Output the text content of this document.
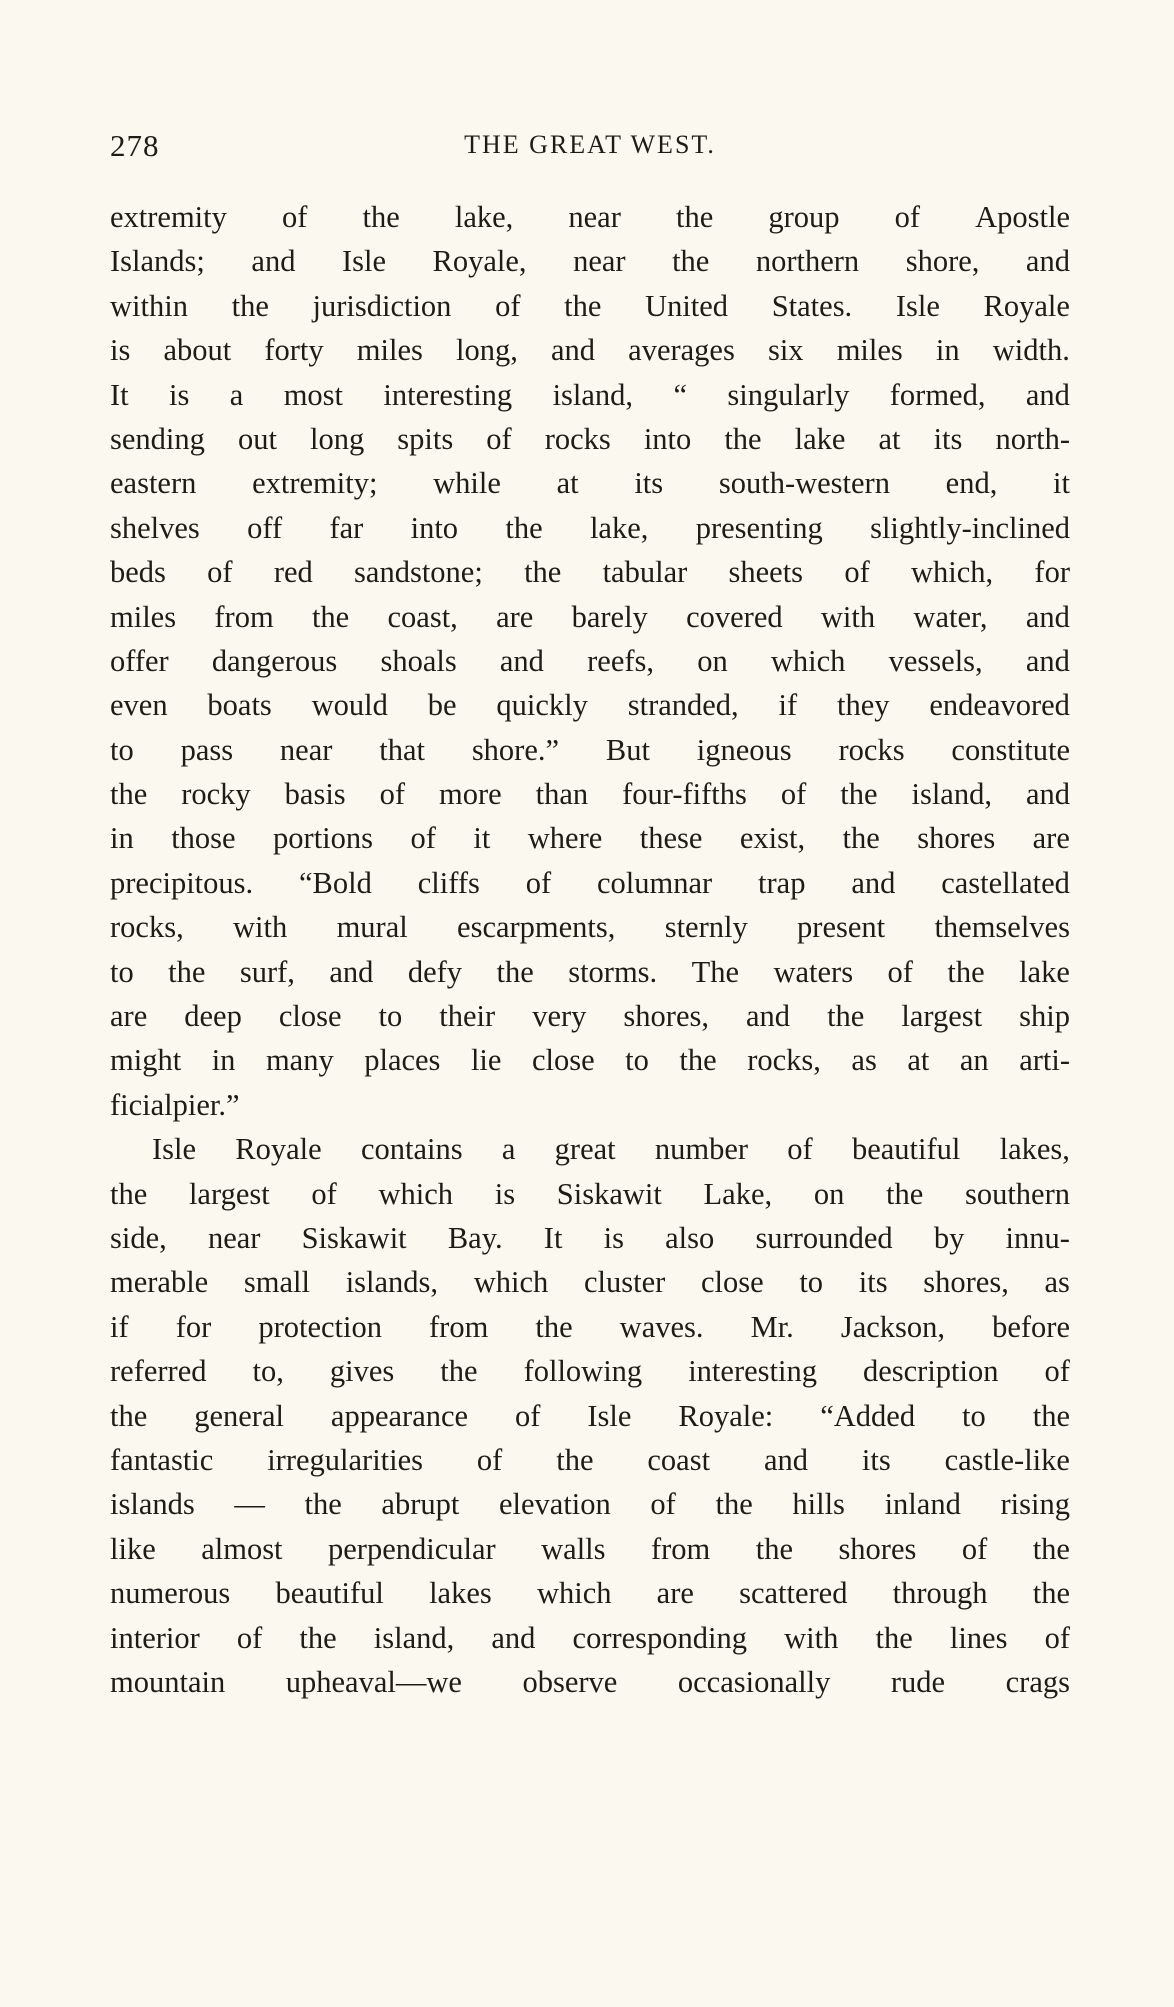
278	THE GREAT WEST.
extremity of the lake, near the group of Apostle
Islands; and Isle Royale, near the northern shore, and
within the jurisdiction of the United States. Isle Royale
is about forty miles long, and averages six miles in width.
It is a most interesting island, “ singularly formed, and
sending out long spits of rocks into the lake at its north-
eastern extremity; while at its south-western end, it
shelves off far into the lake, presenting slightly-inclined
beds of red sandstone; the tabular sheets of which, for
miles from the coast, are barely covered with water, and
offer dangerous shoals and reefs, on which vessels, and
even boats would be quickly stranded, if they endeavored
to pass near that shore.” But igneous rocks constitute
the rocky basis of more than four-fifths of the island, and
in those portions of it where these exist, the shores are
precipitous. “Bold cliffs of columnar trap and castellated
rocks, with mural escarpments, sternly present themselves
to the surf, and defy the storms. The waters of the lake
are deep close to their very shores, and the largest ship
might in many places lie close to the rocks, as at an arti-
ficial pier.”
Isle Royale contains a great number of beautiful lakes,
the largest of which is Siskawit Lake, on the southern
side, near Siskawit Bay. It is also surrounded by innu-
merable small islands, which cluster close to its shores, as
if for protection from the waves. Mr. Jackson, before
referred to, gives the following interesting description of
the general appearance of Isle Royale: “Added to the
fantastic irregularities of the coast and its castle-like
islands — the abrupt elevation of the hills inland rising
like almost perpendicular walls from the shores of the
numerous beautiful lakes which are scattered through the
interior of the island, and corresponding with the lines of
mountain upheaval—we observe occasionally rude crags
